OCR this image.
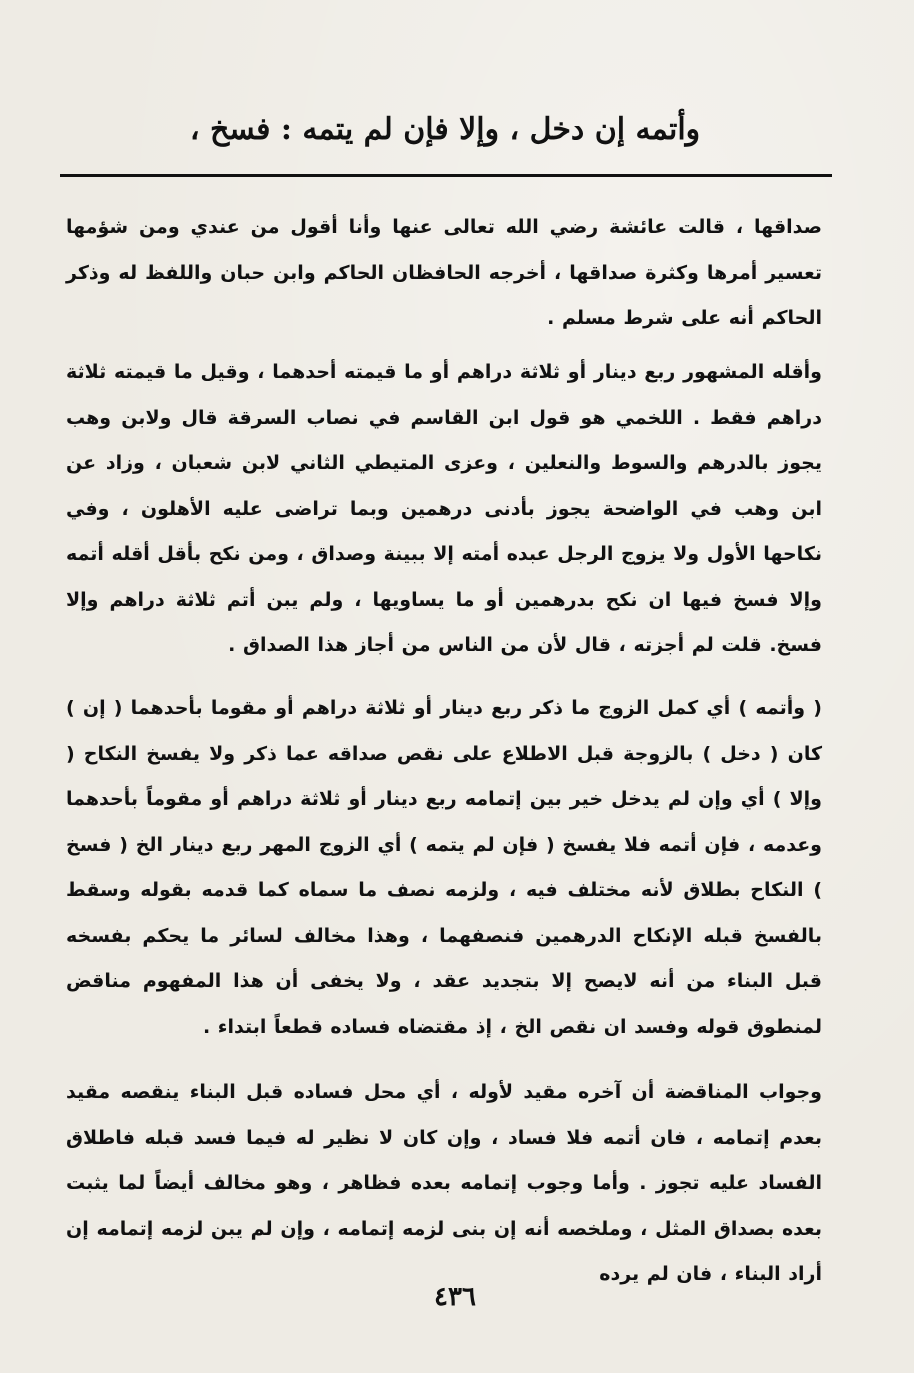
وأتمه إن دخل ، وإلا فإن لم يتمه : فسخ ،
صداقها ، قالت عائشة رضي الله تعالى عنها وأنا أقول من عندي ومن شؤمها تعسير أمرها وكثرة صداقها ، أخرجه الحافظان الحاكم وابن حبان واللفظ له وذكر الحاكم أنه على شرط مسلم .
وأقله المشهور ربع دينار أو ثلاثة دراهم أو ما قيمته أحدهما ، وقيل ما قيمته ثلاثة دراهم فقط . اللخمي هو قول ابن القاسم في نصاب السرقة قال ولابن وهب يجوز بالدرهم والسوط والنعلين ، وعزى المتيطي الثاني لابن شعبان ، وزاد عن ابن وهب في الواضحة يجوز بأدنى درهمين وبما تراضى عليه الأهلون ، وفي نكاحها الأول ولا يزوج الرجل عبده أمته إلا ببينة وصداق ، ومن نكح بأقل أقله أتمه وإلا فسخ فيها ان نكح بدرهمين أو ما يساويها ، ولم يبن أتم ثلاثة دراهم وإلا فسخ. قلت لم أجزته ، قال لأن من الناس من أجاز هذا الصداق .
( وأتمه ) أي كمل الزوج ما ذكر ربع دينار أو ثلاثة دراهم أو مقوما بأحدهما ( إن ) كان ( دخل ) بالزوجة قبل الاطلاع على نقص صداقه عما ذكر ولا يفسخ النكاح ( وإلا ) أي وإن لم يدخل خير بين إتمامه ربع دينار أو ثلاثة دراهم أو مقوماً بأحدهما وعدمه ، فإن أتمه فلا يفسخ ( فإن لم يتمه ) أي الزوج المهر ربع دينار الخ ( فسخ ) النكاح بطلاق لأنه مختلف فيه ، ولزمه نصف ما سماه كما قدمه بقوله وسقط بالفسخ قبله الإنكاح الدرهمين فنصفهما ، وهذا مخالف لسائر ما يحكم بفسخه قبل البناء من أنه لايصح إلا بتجديد عقد ، ولا يخفى أن هذا المفهوم مناقض لمنطوق قوله وفسد ان نقص الخ ، إذ مقتضاه فساده قطعاً ابتداء .
وجواب المناقضة أن آخره مقيد لأوله ، أي محل فساده قبل البناء ينقصه مقيد بعدم إتمامه ، فان أتمه فلا فساد ، وإن كان لا نظير له فيما فسد قبله فاطلاق الفساد عليه تجوز . وأما وجوب إتمامه بعده فظاهر ، وهو مخالف أيضاً لما يثبت بعده بصداق المثل ، وملخصه أنه إن بنى لزمه إتمامه ، وإن لم يبن لزمه إتمامه إن أراد البناء ، فان لم يرده
٤٣٦
